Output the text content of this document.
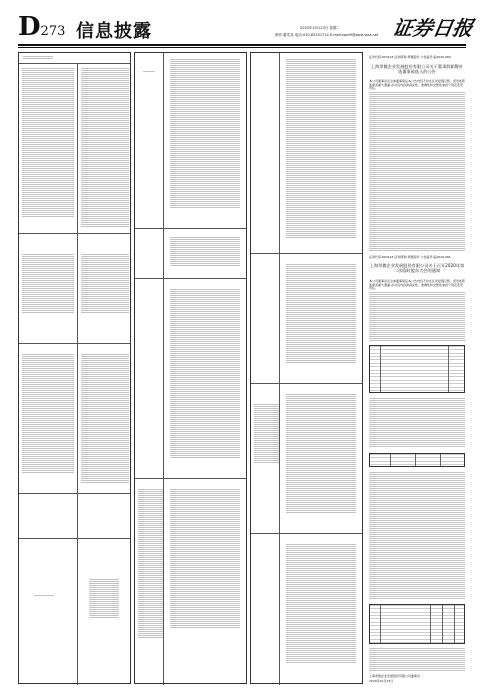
D273 信息披露	2020年10月23日 星期二
制作:董雪花 电话:010-83251714 E-mail:zqrb9@zqrb.sina.net 证券日报
证券代码:603123 证券简称:翠微股份 公告编号:临2020-060
上海翠微企业发展股份有限公司关于董事辞职暨补选董事候选人的公告
本公司董事会及全体董事保证本公告内容不存在任何虚假记载、误导性陈述或者重大遗漏,并对其内容的真实性、准确性和完整性承担个别及连带责任。
证券代码:603123 证券简称:翠微股份 公告编号:临2020-061
上海翠微企业发展股份有限公司关于召开2020年第二次临时股东大会的通知
本公司董事会及全体董事保证本公告内容不存在任何虚假记载、误导性陈述或者重大遗漏,并对其内容的真实性、准确性和完整性承担个别及连带责任。
上海翠微企业发展股份有限公司董事会
2020年10月23日
